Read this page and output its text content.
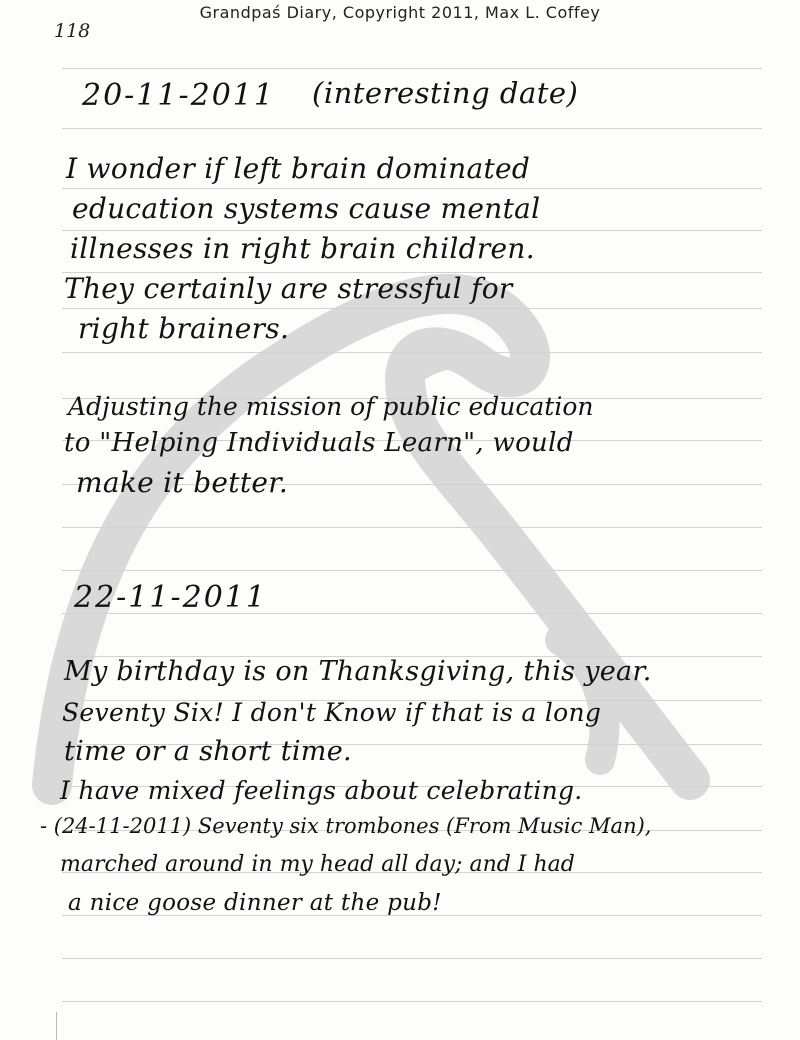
Grandpaś Diary, Copyright 2011, Max L. Coffey
118
20-11-2011 (interesting date)
I wonder if left brain dominated
education systems cause mental
illnesses in right brain children.
They certainly are stressful for
right brainers.
Adjusting the mission of public education
to "Helping Individuals Learn", would
make it better.
22-11-2011
My birthday is on Thanksgiving, this year.
Seventy Six! I don't Know if that is a long
time or a short time.
I have mixed feelings about celebrating.
- (24-11-2011) Seventy six trombones (From Music Man),
marched around in my head all day; and I had
a nice goose dinner at the pub!
